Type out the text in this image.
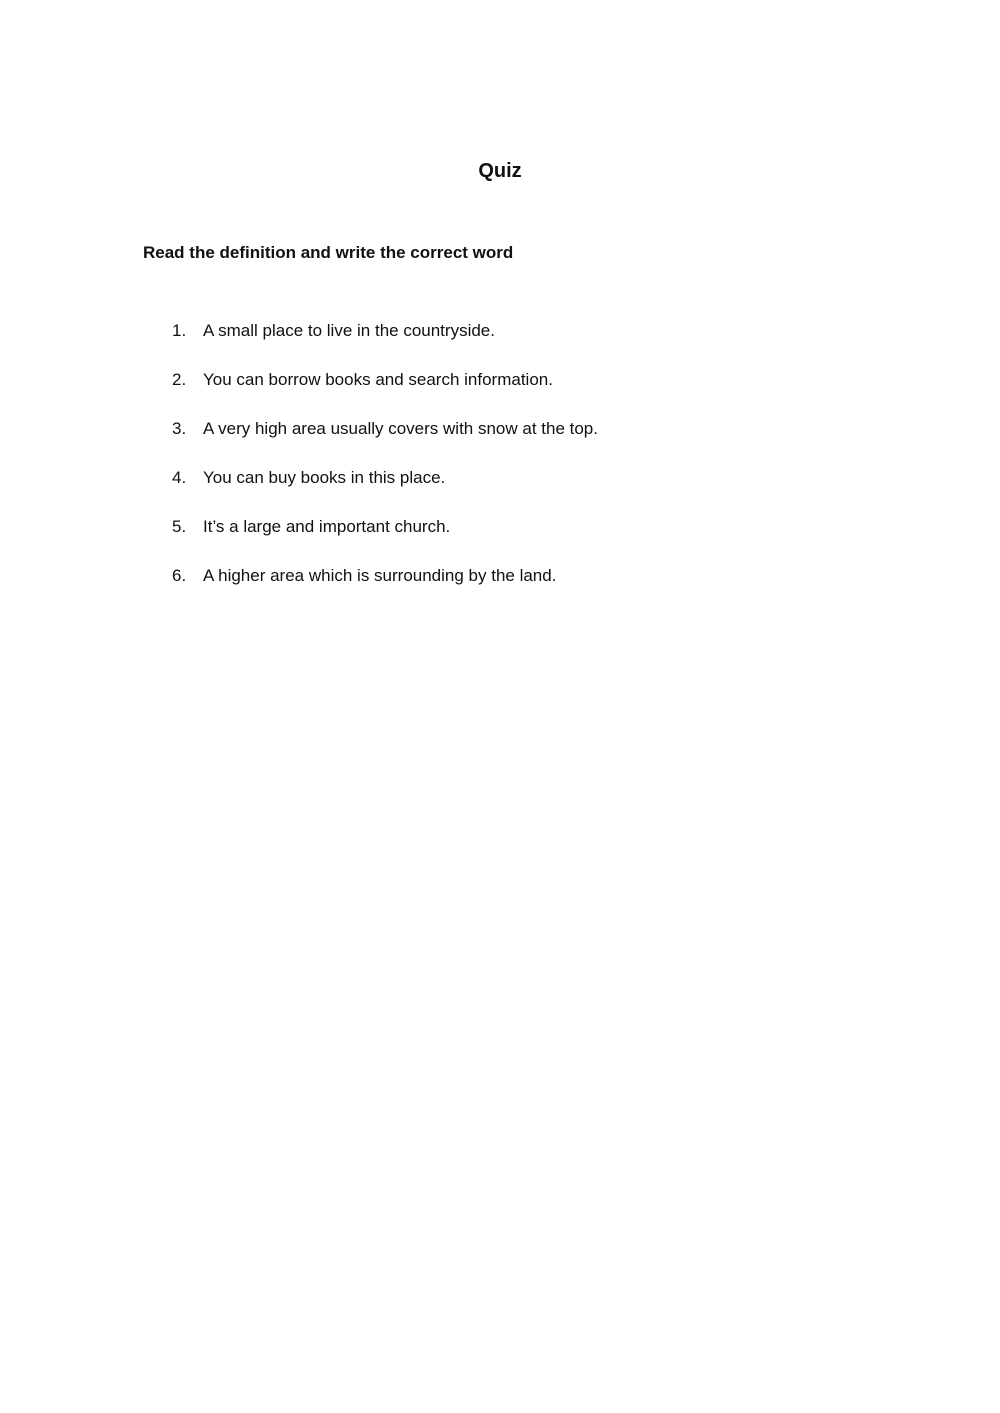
Quiz

Read the definition and write the correct word

1. A small place to live in the countryside.
2. You can borrow books and search information.
3. A very high area usually covers with snow at the top.
4. You can buy books in this place.
5. It’s a large and important church.
6. A higher area which is surrounding by the land.
